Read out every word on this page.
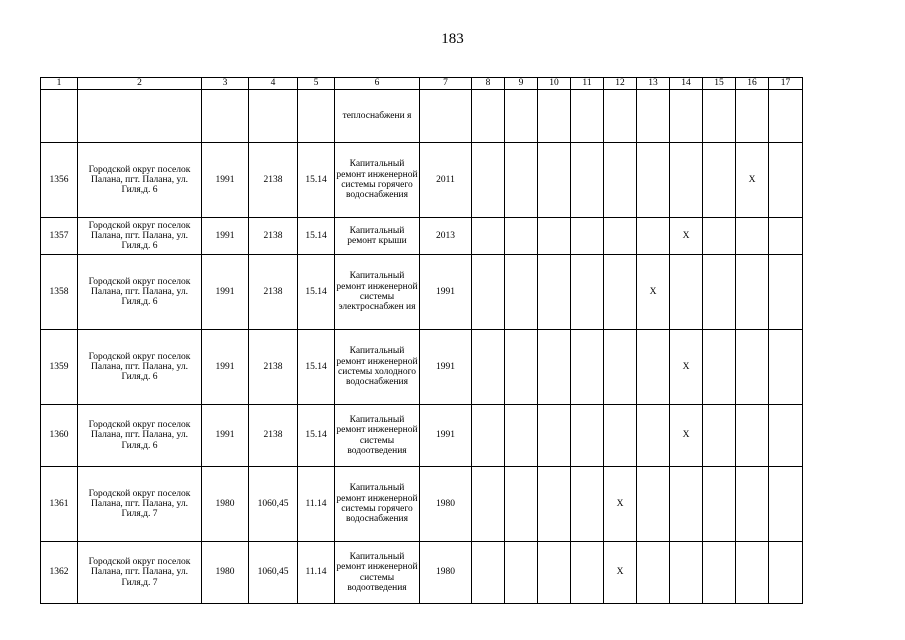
183
1	2	3	4	5	6	7	8	9	10	11	12	13	14	15	16	17
					теплоснабжени я											
1356	Городской округ поселок Палана, пгт. Палана, ул. Гиля,д. 6	1991	2138	15.14	Капитальный ремонт инженерной системы горячего водоснабжения	2011									Х	
1357	Городской округ поселок Палана, пгт. Палана, ул. Гиля,д. 6	1991	2138	15.14	Капитальный ремонт крыши	2013							Х			
1358	Городской округ поселок Палана, пгт. Палана, ул. Гиля,д. 6	1991	2138	15.14	Капитальный ремонт инженерной системы электроснабжен ия	1991						Х				
1359	Городской округ поселок Палана, пгт. Палана, ул. Гиля,д. 6	1991	2138	15.14	Капитальный ремонт инженерной системы холодного водоснабжения	1991							Х			
1360	Городской округ поселок Палана, пгт. Палана, ул. Гиля,д. 6	1991	2138	15.14	Капитальный ремонт инженерной системы водоотведения	1991							Х			
1361	Городской округ поселок Палана, пгт. Палана, ул. Гиля,д. 7	1980	1060,45	11.14	Капитальный ремонт инженерной системы горячего водоснабжения	1980					Х					
1362	Городской округ поселок Палана, пгт. Палана, ул. Гиля,д. 7	1980	1060,45	11.14	Капитальный ремонт инженерной системы водоотведения	1980					Х					
